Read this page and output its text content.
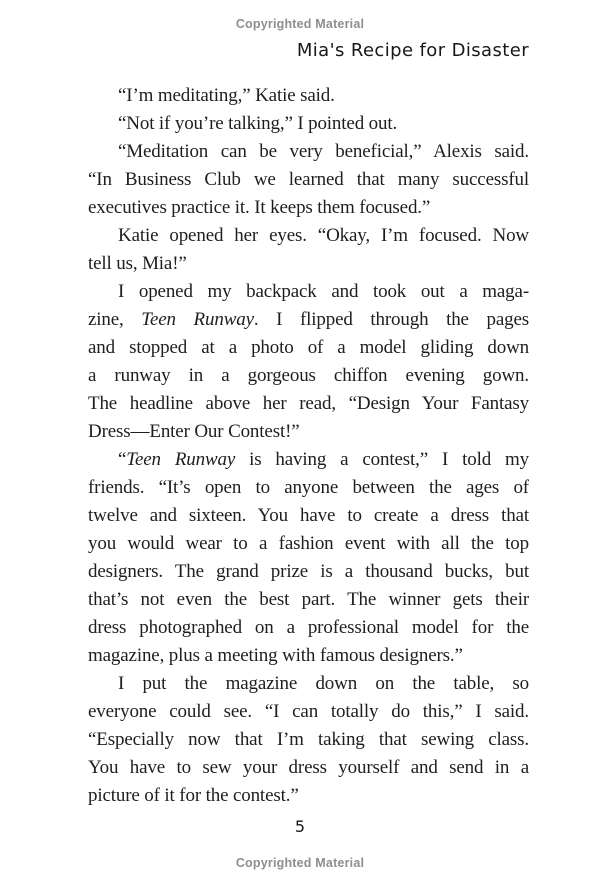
Copyrighted Material
Mia's Recipe for Disaster
“I’m meditating,” Katie said.
“Not if you’re talking,” I pointed out.
“Meditation can be very beneficial,” Alexis said.
“In Business Club we learned that many successful
executives practice it. It keeps them focused.”
Katie opened her eyes. “Okay, I’m focused. Now
tell us, Mia!”
I opened my backpack and took out a maga-
zine, Teen Runway. I flipped through the pages
and stopped at a photo of a model gliding down
a runway in a gorgeous chiffon evening gown.
The headline above her read, “Design Your Fantasy
Dress—Enter Our Contest!”
“Teen Runway is having a contest,” I told my
friends. “It’s open to anyone between the ages of
twelve and sixteen. You have to create a dress that
you would wear to a fashion event with all the top
designers. The grand prize is a thousand bucks, but
that’s not even the best part. The winner gets their
dress photographed on a professional model for the
magazine, plus a meeting with famous designers.”
I put the magazine down on the table, so
everyone could see. “I can totally do this,” I said.
“Especially now that I’m taking that sewing class.
You have to sew your dress yourself and send in a
picture of it for the contest.”
5
Copyrighted Material
